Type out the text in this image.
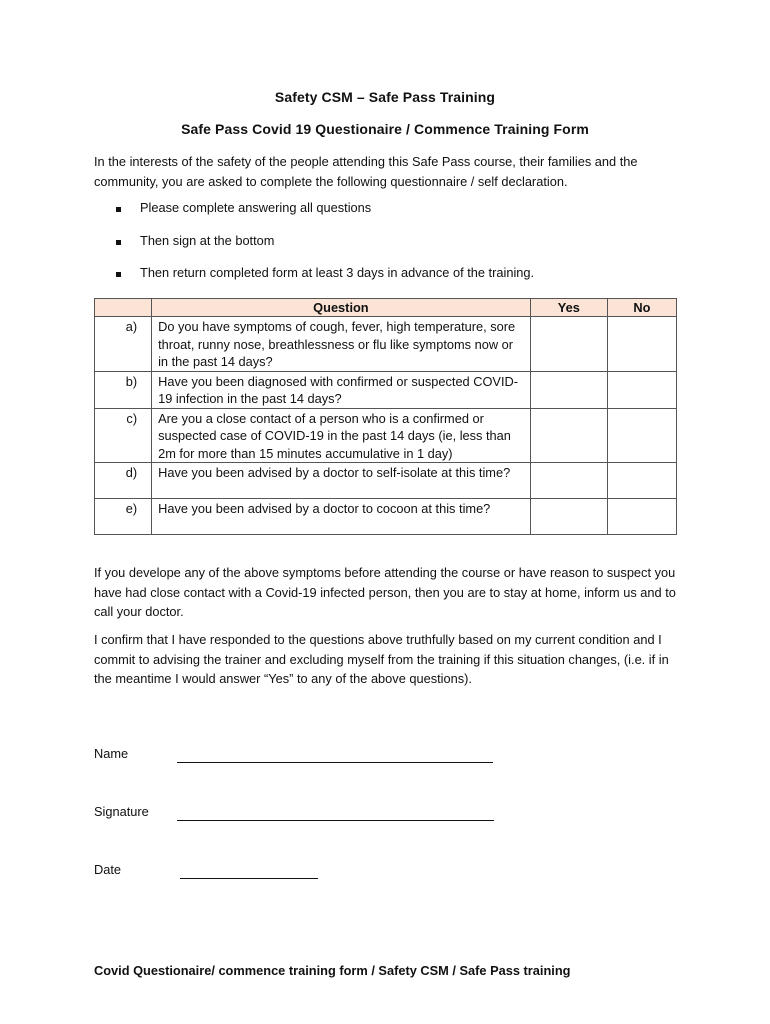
Safety CSM – Safe Pass Training
Safe Pass Covid 19 Questionaire / Commence Training Form
In the interests of the safety of the people attending this Safe Pass course, their families and the community, you are asked to complete the following questionnaire / self declaration.
Please complete answering all questions
Then sign at the bottom
Then return completed form at least 3 days in advance of the training.
	Question	Yes	No
a)	Do you have symptoms of cough, fever, high temperature, sore throat, runny nose, breathlessness or flu like symptoms now or in the past 14 days?		
b)	Have you been diagnosed with confirmed or suspected COVID-19 infection in the past 14 days?		
c)	Are you a close contact of a person who is a confirmed or suspected case of COVID-19 in the past 14 days (ie, less than 2m for more than 15 minutes accumulative in 1 day)		
d)	Have you been advised by a doctor to self-isolate at this time?		
e)	Have you been advised by a doctor to cocoon at this time?		
If you develope any of the above symptoms before attending the course or have reason to suspect you have had close contact with a Covid-19 infected person, then you are to stay at home, inform us and to call your doctor.
I confirm that I have responded to the questions above truthfully based on my current condition and I commit to advising the trainer and excluding myself from the training if this situation changes, (i.e. if in the meantime I would answer “Yes” to any of the above questions).
Name
Signature
Date
Covid Questionaire/ commence training form / Safety CSM / Safe Pass training
